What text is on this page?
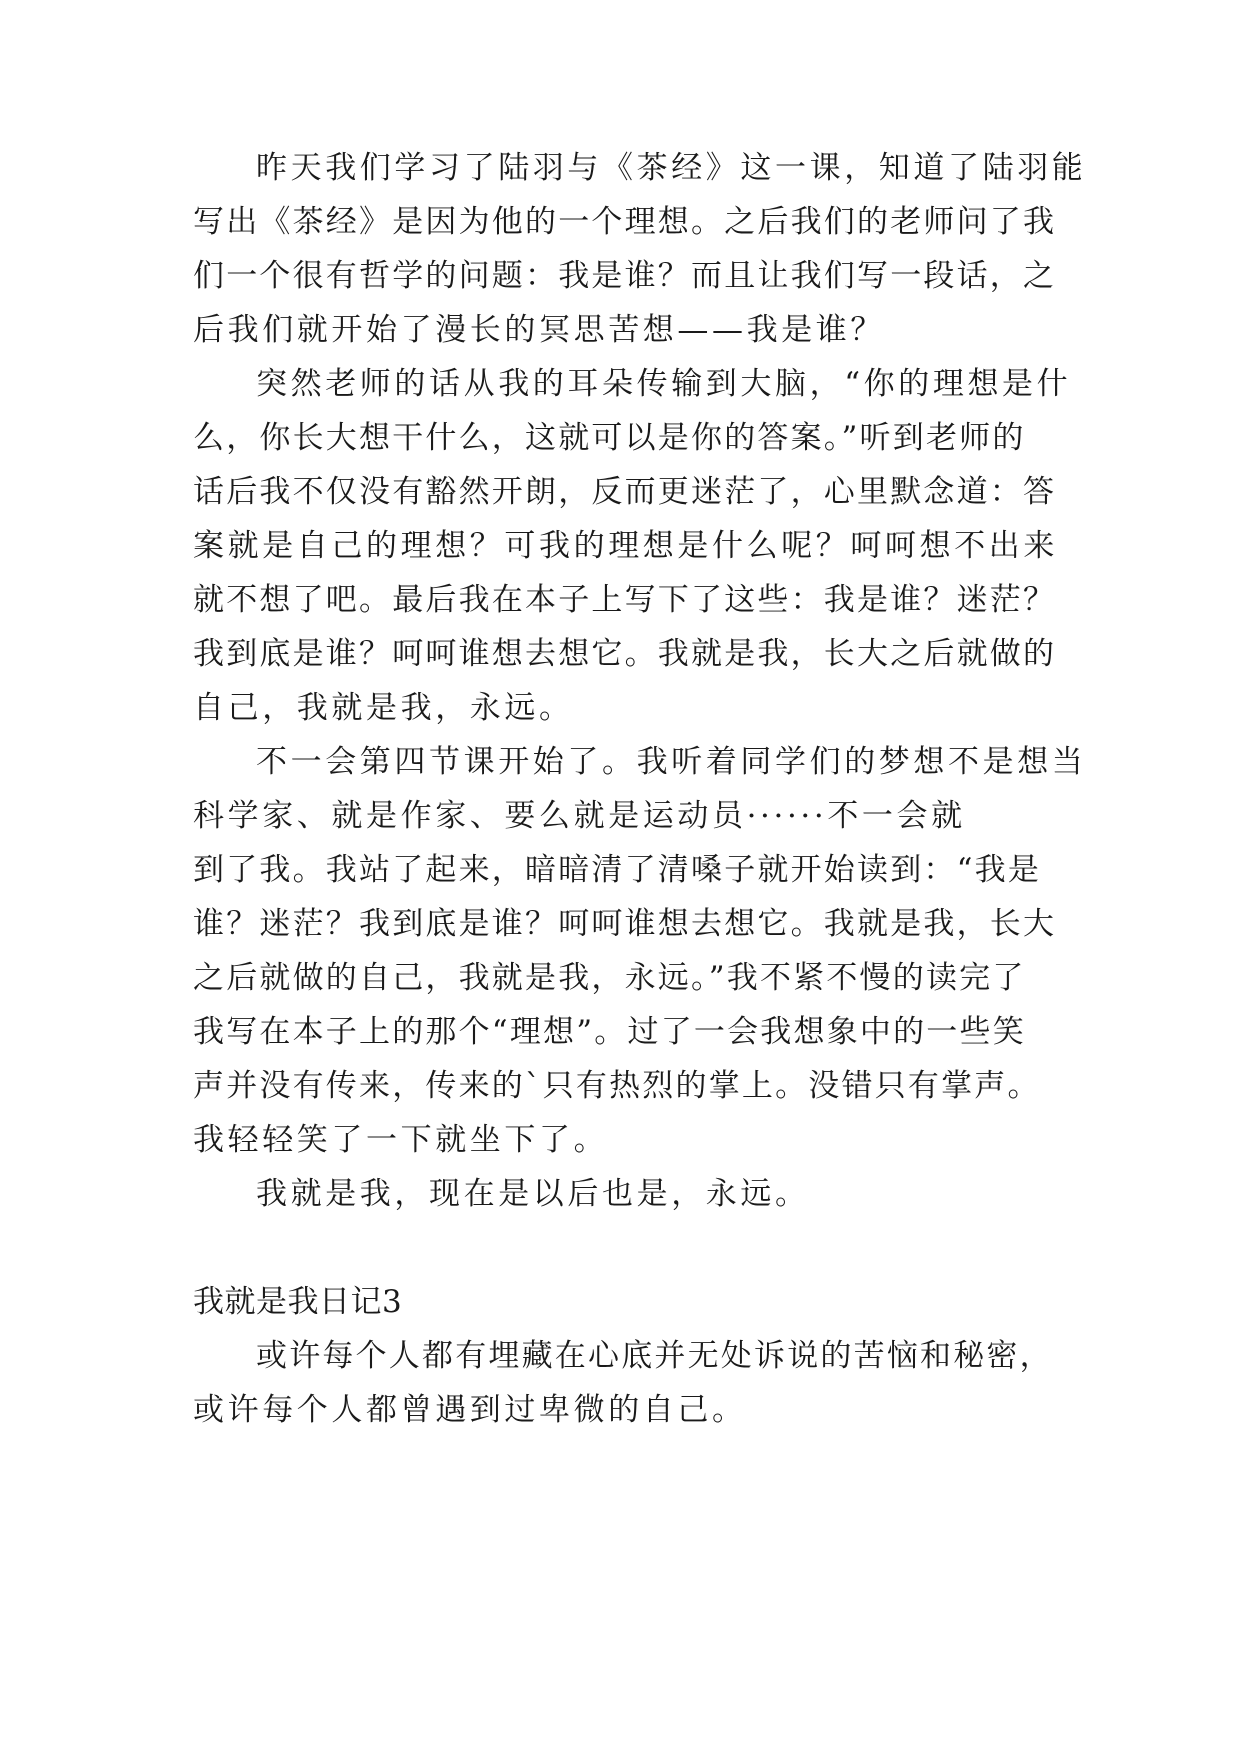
昨天我们学习了陆羽与《茶经》这一课，知道了陆羽能
写出《茶经》是因为他的一个理想。之后我们的老师问了我
们一个很有哲学的问题：我是谁？而且让我们写一段话，之
后我们就开始了漫长的冥思苦想——我是谁？
突然老师的话从我的耳朵传输到大脑，“你的理想是什
么，你长大想干什么，这就可以是你的答案。”听到老师的
话后我不仅没有豁然开朗，反而更迷茫了，心里默念道：答
案就是自己的理想？可我的理想是什么呢？呵呵想不出来
就不想了吧。最后我在本子上写下了这些：我是谁？迷茫？
我到底是谁？呵呵谁想去想它。我就是我，长大之后就做的
自己，我就是我，永远。
不一会第四节课开始了。我听着同学们的梦想不是想当
科学家、就是作家、要么就是运动员······不一会就
到了我。我站了起来，暗暗清了清嗓子就开始读到：“我是
谁？迷茫？我到底是谁？呵呵谁想去想它。我就是我，长大
之后就做的自己，我就是我，永远。”我不紧不慢的读完了
我写在本子上的那个“理想”。过了一会我想象中的一些笑
声并没有传来，传来的`只有热烈的掌上。没错只有掌声。
我轻轻笑了一下就坐下了。
我就是我，现在是以后也是，永远。
我就是我日记3
或许每个人都有埋藏在心底并无处诉说的苦恼和秘密，
或许每个人都曾遇到过卑微的自己。
